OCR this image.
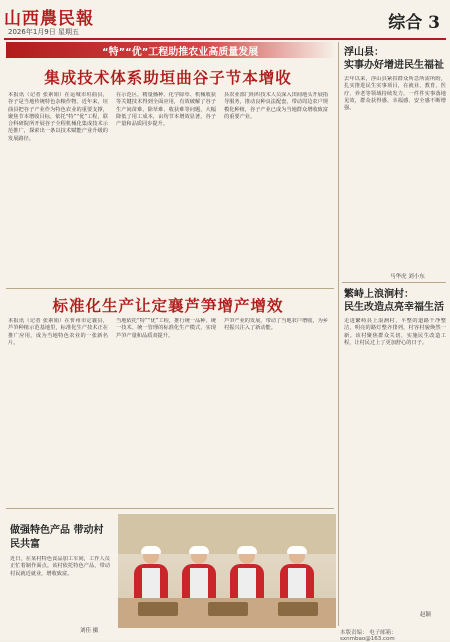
山西農民報
2026年1月9日 星期五	综合 3
“特”“优”工程助推农业高质量发展
集成技术体系助垣曲谷子节本增收
本报讯（记者 张素娟）在运城市垣曲县，谷子是当地传统特色杂粮作物。近年来，垣曲县把谷子产业作为特色农业的重要支撑，聚焦节本增收目标，依托“特”“优”工程，联合科研院所开展谷子全程机械化集成技术示范推广，探索出一条以技术赋能产业升级的发展路径。
在示范区，精量播种、化学除草、机械收获等关键技术得到全面应用，有效破解了谷子生产间苗难、除草难、收获难等问题，大幅降低了用工成本，亩均节本增效显著，谷子产量和品质同步提升。
县农业部门组织技术人员深入田间地头开展指导服务，推动良种良法配套，带动周边农户规模化种植，谷子产业已成为当地群众增收致富的重要产业。
标准化生产让定襄芦笋增产增效
本报讯（记者 张素娟）在忻州市定襄县，芦笋种植示范基地里，标准化生产技术正在推广应用，成为当地特色农业的一张新名片。
当地依托“特”“优”工程，推行统一品种、统一技术、统一管理的标准化生产模式，实现芦笋产量和品质双提升。
芦笋产业的发展，带动了当地农户增收，为乡村振兴注入了新动能。
做强特色产品 带动村民共富
近日，在某村特色食品加工车间，工作人员正忙着制作面点。该村依托特色产品，带动村民就近就业，增收致富。
刘佳 摄
浮山县：
实事办好增进民生福祉
去年以来，浮山县紧扣群众所急所需所盼，扎实推进民生实事项目，在就业、教育、医疗、养老等领域持续发力，一件件实事落地见效，群众获得感、幸福感、安全感不断增强。
马华虎 刘小东
繁峙上浪涧村：
民生改造点亮幸福生活
走进繁峙县上浪涧村，平整的道路干净整洁，明亮的路灯整齐排列，村容村貌焕然一新。该村聚焦群众关切，实施民生改造工程，让村民过上了更加舒心的日子。
赵颖
本版责编： 电子邮箱：sxnmbao@163.com
